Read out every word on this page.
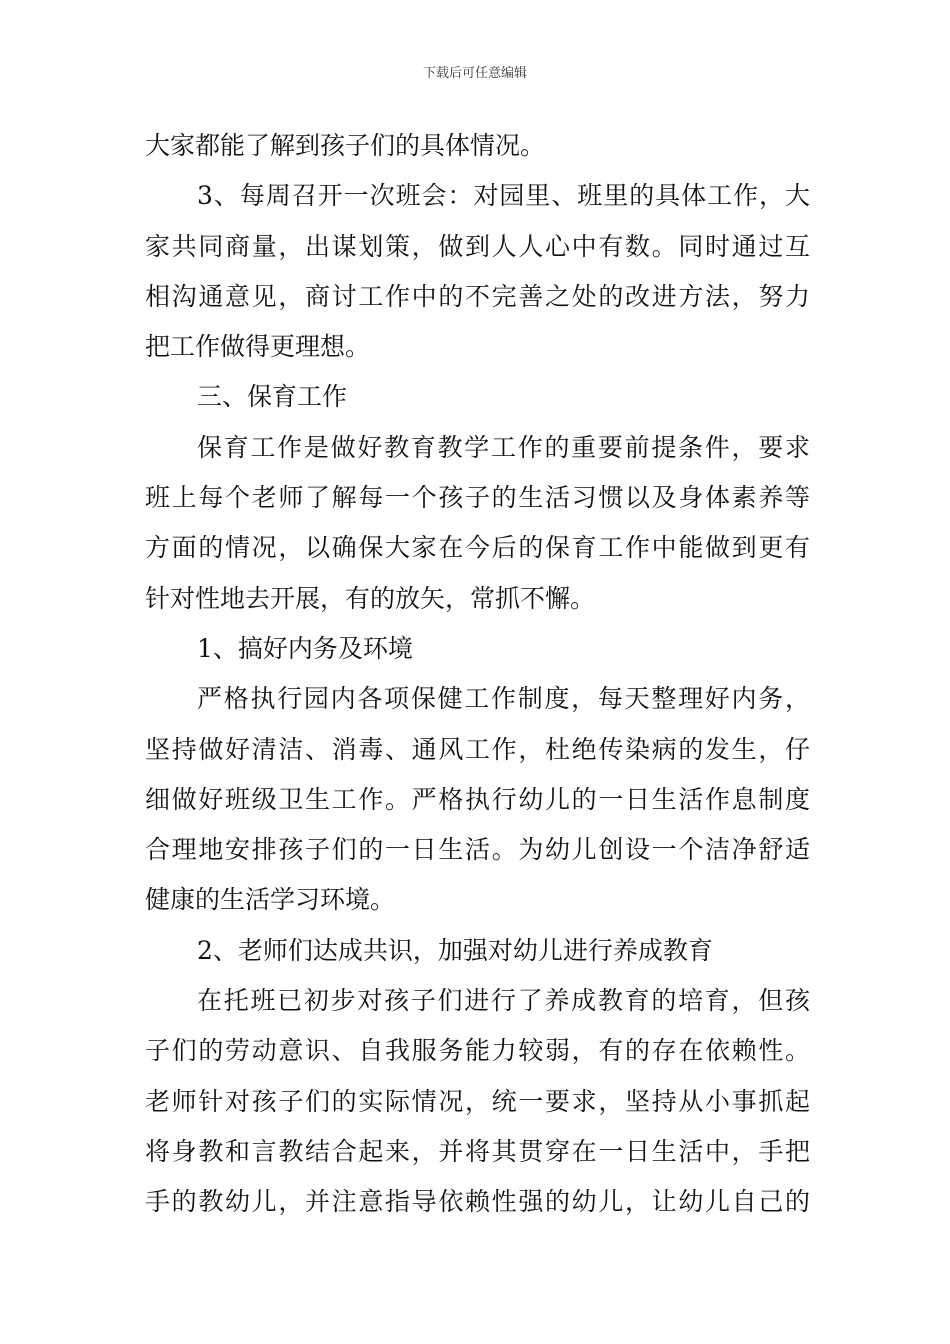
下载后可任意编辑
大家都能了解到孩子们的具体情况。
3、每周召开一次班会：对园里、班里的具体工作，大
家共同商量，出谋划策，做到人人心中有数。同时通过互
相沟通意见，商讨工作中的不完善之处的改进方法，努力
把工作做得更理想。
三、保育工作
保育工作是做好教育教学工作的重要前提条件，要求
班上每个老师了解每一个孩子的生活习惯以及身体素养等
方面的情况，以确保大家在今后的保育工作中能做到更有
针对性地去开展，有的放矢，常抓不懈。
1、搞好内务及环境
严格执行园内各项保健工作制度，每天整理好内务，
坚持做好清洁、消毒、通风工作，杜绝传染病的发生，仔
细做好班级卫生工作。严格执行幼儿的一日生活作息制度
合理地安排孩子们的一日生活。为幼儿创设一个洁净舒适
健康的生活学习环境。
2、老师们达成共识，加强对幼儿进行养成教育
在托班已初步对孩子们进行了养成教育的培育，但孩
子们的劳动意识、自我服务能力较弱，有的存在依赖性。
老师针对孩子们的实际情况，统一要求，坚持从小事抓起
将身教和言教结合起来，并将其贯穿在一日生活中，手把
手的教幼儿，并注意指导依赖性强的幼儿，让幼儿自己的
